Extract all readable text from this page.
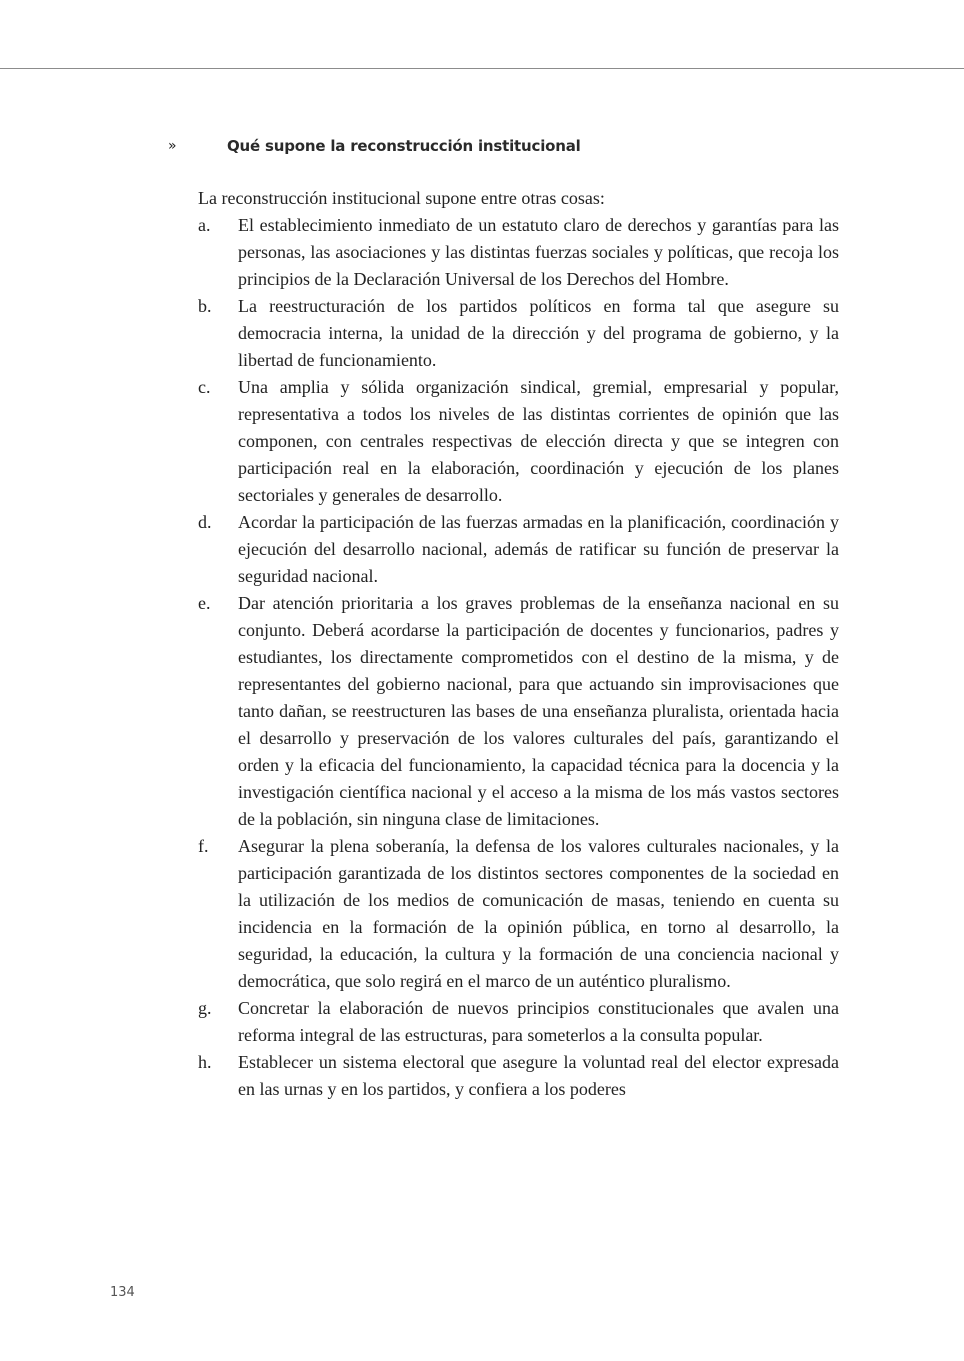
»	Qué supone la reconstrucción institucional

La reconstrucción institucional supone entre otras cosas:

a. El establecimiento inmediato de un estatuto claro de derechos y garantías para las personas, las asociaciones y las distintas fuerzas sociales y políticas, que recoja los principios de la Declaración Universal de los Derechos del Hombre.
b. La reestructuración de los partidos políticos en forma tal que asegure su democracia interna, la unidad de la dirección y del programa de gobierno, y la libertad de funcionamiento.
c. Una amplia y sólida organización sindical, gremial, empresarial y popular, representativa a todos los niveles de las distintas corrientes de opinión que las componen, con centrales respectivas de elección directa y que se integren con participación real en la elaboración, coordinación y ejecución de los planes sectoriales y generales de desarrollo.
d. Acordar la participación de las fuerzas armadas en la planificación, coordinación y ejecución del desarrollo nacional, además de ratificar su función de preservar la seguridad nacional.
e. Dar atención prioritaria a los graves problemas de la enseñanza nacional en su conjunto. Deberá acordarse la participación de docentes y funcionarios, padres y estudiantes, los directamente comprometidos con el destino de la misma, y de representantes del gobierno nacional, para que actuando sin improvisaciones que tanto dañan, se reestructuren las bases de una enseñanza pluralista, orientada hacia el desarrollo y preservación de los valores culturales del país, garantizando el orden y la eficacia del funcionamiento, la capacidad técnica para la docencia y la investigación científica nacional y el acceso a la misma de los más vastos sectores de la población, sin ninguna clase de limitaciones.
f. Asegurar la plena soberanía, la defensa de los valores culturales nacionales, y la participación garantizada de los distintos sectores componentes de la sociedad en la utilización de los medios de comunicación de masas, teniendo en cuenta su incidencia en la formación de la opinión pública, en torno al desarrollo, la seguridad, la educación, la cultura y la formación de una conciencia nacional y democrática, que solo regirá en el marco de un auténtico pluralismo.
g. Concretar la elaboración de nuevos principios constitucionales que avalen una reforma integral de las estructuras, para someterlos a la consulta popular.
h. Establecer un sistema electoral que asegure la voluntad real del elector expresada en las urnas y en los partidos, y confiera a los poderes
134
